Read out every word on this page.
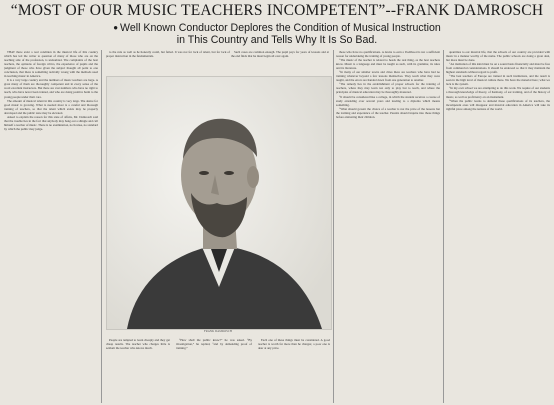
“MOST OF OUR MUSIC TEACHERS INCOMPETENT”--FRANK DAMROSCH
● Well Known Conductor Deplores the Condition of Musical Instruction
in This Country and Tells Why It Is So Bad.

THAT there exist a real condition in the musical life of this country which has led the writer to question of many of those who are on the teaching side of the profession, is undoubted. The complaints of the best teachers, the opinions of foreign critics, the experience of pupils and the judgment of those who have given the subject thought all point to one conclusion, that there is something radically wrong with the methods used in teaching music in America.

It is a very large country and the numbers of music teachers are large. A great many of them are thoroughly competent and in every sense of the word excellent instructors. But there are vast numbers who have no right to teach, who have never been trained, and who are doing positive harm to the young people under their care.

The amount of musical talent in this country is very large. The desire for good music is growing. What is needed most is a careful and thorough training of teachers, so that the talent which exists may be properly developed and the public taste may be elevated.

Asked to explain the reason for this state of affairs, Mr. Damrosch said that the trouble lies in the fact that anybody may hang out a shingle and call himself a teacher of music. There is no examination, no license, no standard by which the public may judge.

to the rule as well as he honestly could, but failed. It was not for lack of talent, but for lack of proper instruction in the fundamentals.

Such cases are common enough. The pupil pays for years of lessons and at the end finds that he must begin all over again.

FRANK DAMROSCH

People are tempted to learn cheaply and they get cheap results. The teacher who charges little is seldom the teacher who knows much.

“How shall the public know?” he was asked. “By investigation,” he replied, “and by demanding proof of training.”

Each one of these things must be considered. A good teacher is worth far more than he charges; a poor one is dear at any price.

those who have no qualifications. A desire to earn a livelihood is not a sufficient reason for undertaking the training of young people.

“The music of the teacher is related to heads the real thing, as the best teachers know. Music is a language and must be taught as such, with its grammar, its rules and its literature.

“In many of our smaller towns and cities there are teachers who have had no training whatever beyond a few lessons themselves. They teach what they were taught, and the errors are handed down from one generation to another.

“The remedy lies in the establishment of proper schools for the training of teachers, where they may learn not only to play but to teach, and where the principles of musical education may be thoroughly mastered.

“It should be considered like a college, in which the student receives a course of study extending over several years and leading to a diploma which means something.

“What should govern the choice of a teacher is not the price of the lessons but the training and experience of the teacher. Parents should inquire into these things before entrusting their children.

quantities to our musical life, that the schools of our country are provided with music in a manner worthy of the name. The public schools are doing a great deal, but more must be done.

“An institution of this kind must be on a sound basis financially and must be free from commercial considerations. It should be endowed so that it may maintain the highest standards without regard to profit.

“The best teachers of Europe are trained in such institutions, and the result is seen in the high level of musical culture there. We have the material here; what we lack is the system.

“In my own school we are attempting to do this work. We require of our students a thorough knowledge of theory, of harmony, of ear training, and of the history of music, as well as proficiency on an instrument.

“When the public learns to demand these qualifications of its teachers, the incompetent ones will disappear and musical education in America will take its rightful place among the nations of the world.
